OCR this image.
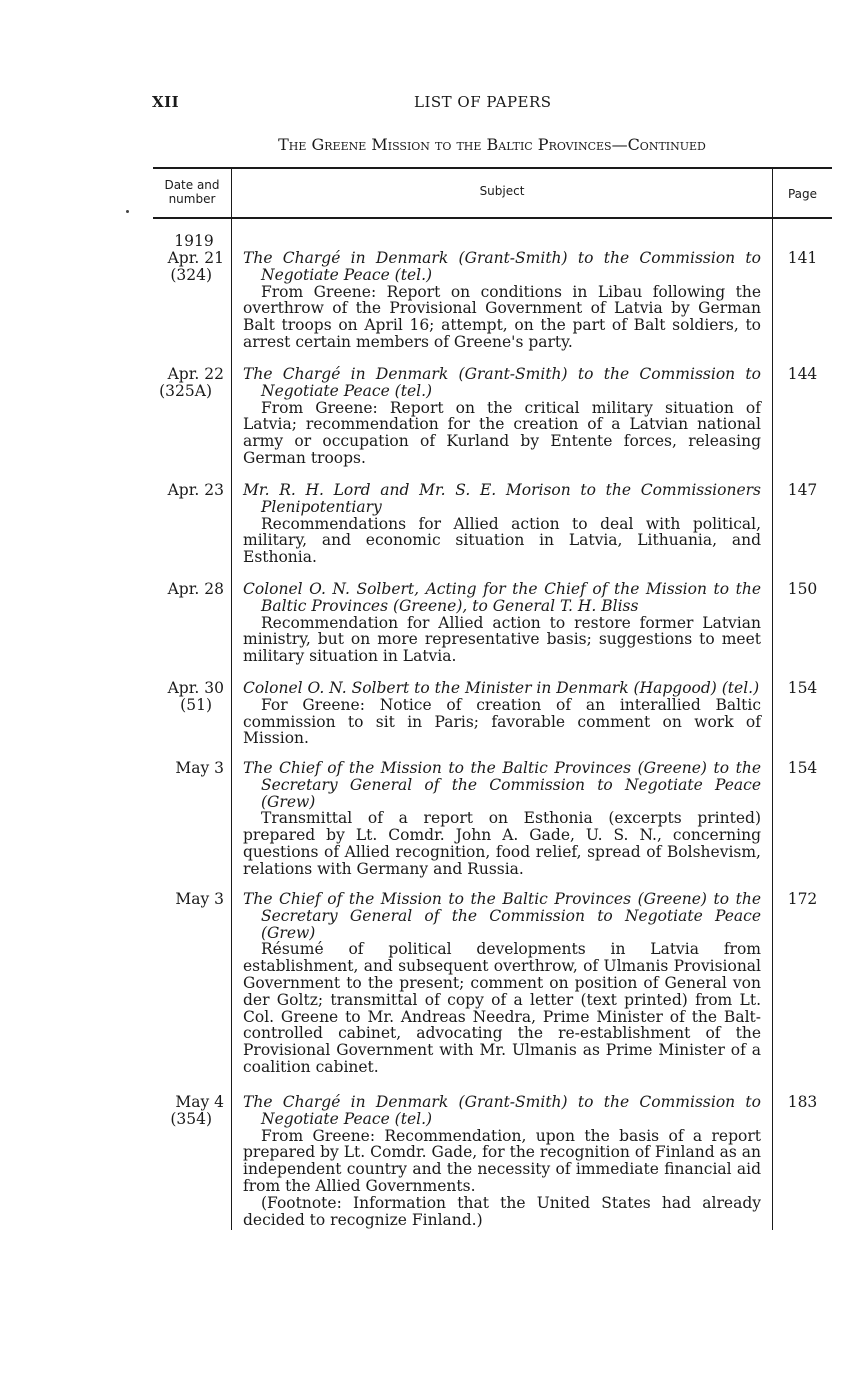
XII	LIST OF PAPERS
The Greene Mission to the Baltic Provinces—Continued
Date and number
Subject	Page
1919
Apr. 21
(324)

The Chargé in Denmark (Grant-Smith) to the Commission to Negotiate Peace (tel.)

From Greene: Report on conditions in Libau following the overthrow of the Provisional Government of Latvia by German Balt troops on April 16; attempt, on the part of Balt soldiers, to arrest certain members of Greene's party.

141
Apr. 22
(325A)

The Chargé in Denmark (Grant-Smith) to the Commission to Negotiate Peace (tel.)

From Greene: Report on the critical military situation of Latvia; recommendation for the creation of a Latvian national army or occupation of Kurland by Entente forces, releasing German troops.

144
Apr. 23 Mr. R. H. Lord and Mr. S. E. Morison to the Commissioners Plenipotentiary

Recommendations for Allied action to deal with political, military, and economic situation in Latvia, Lithuania, and Esthonia.

147
Apr. 28 Colonel O. N. Solbert, Acting for the Chief of the Mission to the Baltic Provinces (Greene), to General T. H. Bliss

Recommendation for Allied action to restore former Latvian ministry, but on more representative basis; suggestions to meet military situation in Latvia.

150
Apr. 30
(51)

Colonel O. N. Solbert to the Minister in Denmark (Hapgood) (tel.)

For Greene: Notice of creation of an interallied Baltic commission to sit in Paris; favorable comment on work of Mission.

154
May 3 The Chief of the Mission to the Baltic Provinces (Greene) to the Secretary General of the Commission to Negotiate Peace (Grew)

Transmittal of a report on Esthonia (excerpts printed) prepared by Lt. Comdr. John A. Gade, U. S. N., concerning questions of Allied recognition, food relief, spread of Bolshevism, relations with Germany and Russia.

154
May 3 The Chief of the Mission to the Baltic Provinces (Greene) to the Secretary General of the Commission to Negotiate Peace (Grew)

Résumé of political developments in Latvia from establishment, and subsequent overthrow, of Ulmanis Provisional Government to the present; comment on position of General von der Goltz; transmittal of copy of a letter (text printed) from Lt. Col. Greene to Mr. Andreas Needra, Prime Minister of the Balt-controlled cabinet, advocating the re-establishment of the Provisional Government with Mr. Ulmanis as Prime Minister of a coalition cabinet.

172
May 4
(354)

The Chargé in Denmark (Grant-Smith) to the Commission to Negotiate Peace (tel.)

From Greene: Recommendation, upon the basis of a report prepared by Lt. Comdr. Gade, for the recognition of Finland as an independent country and the necessity of immediate financial aid from the Allied Governments.

(Footnote: Information that the United States had already decided to recognize Finland.)

183
